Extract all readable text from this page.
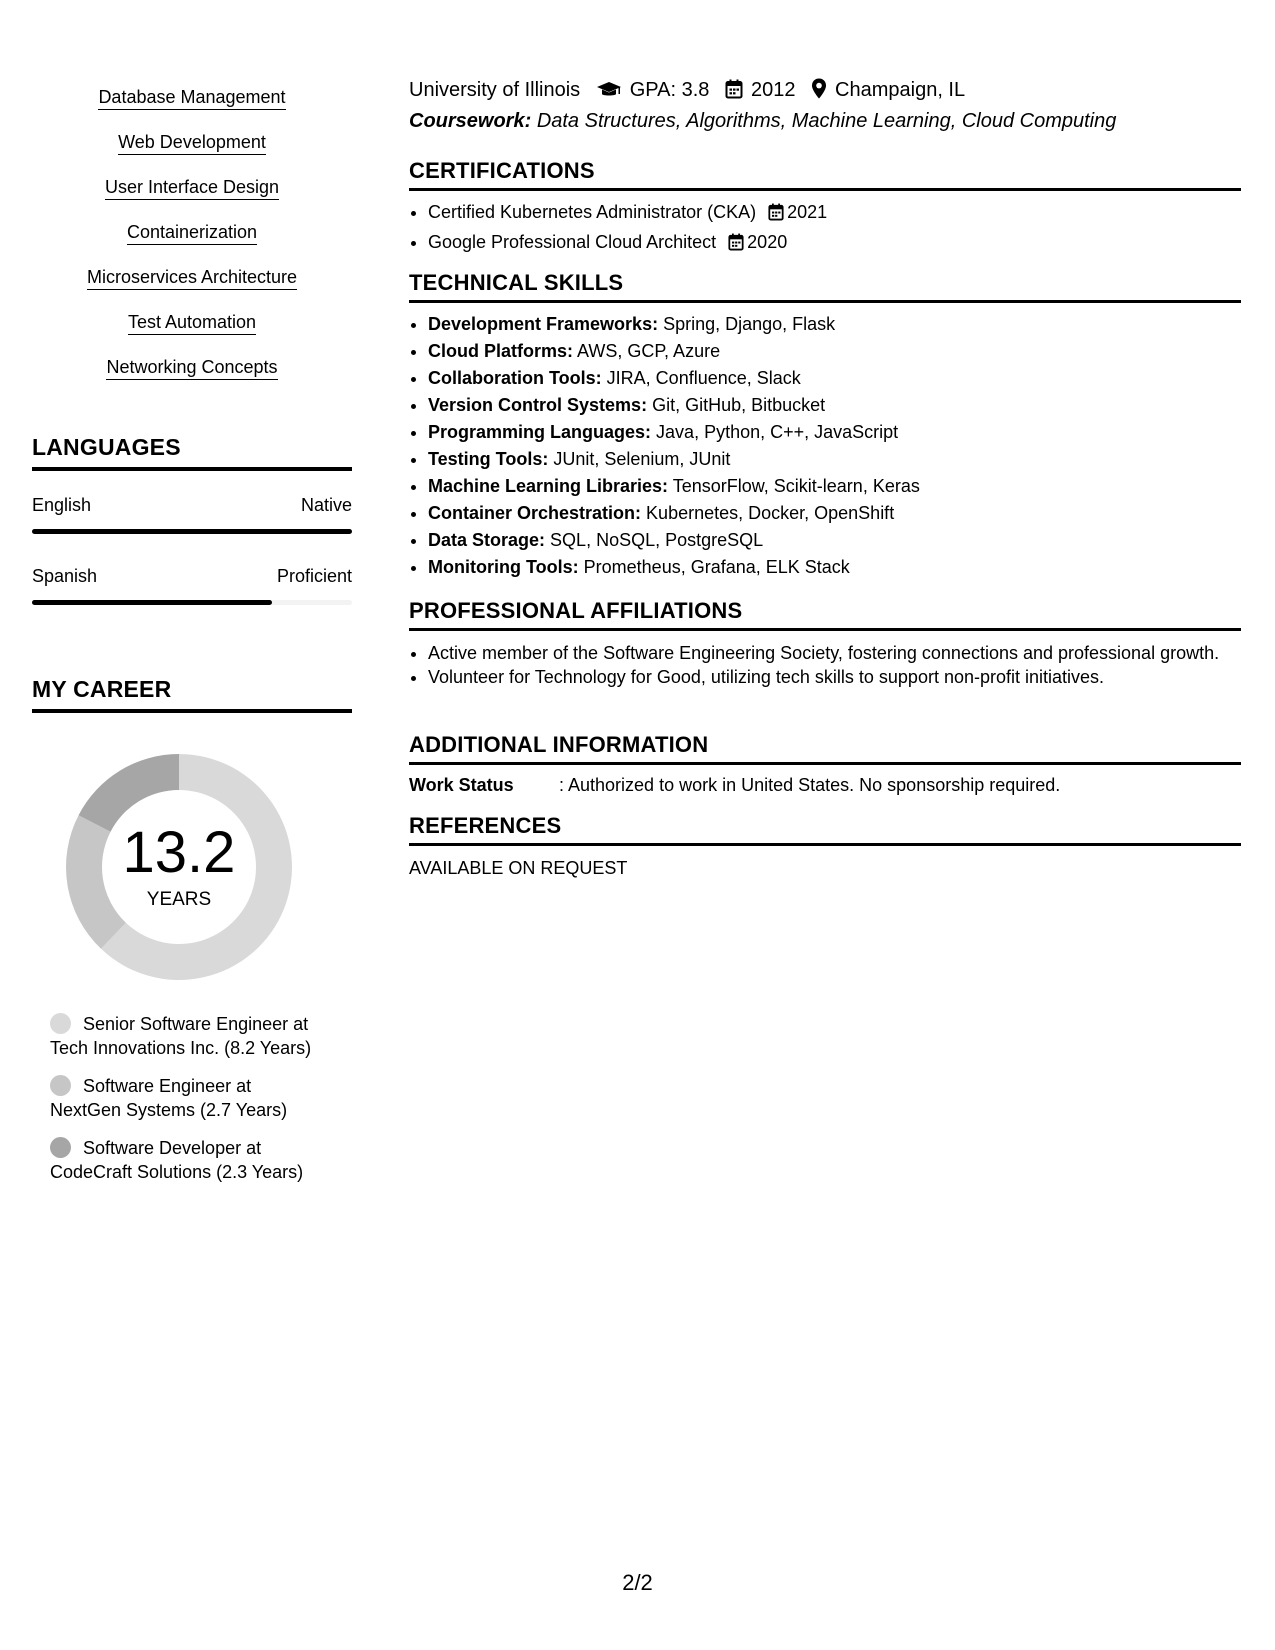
Database Management
Web Development
User Interface Design
Containerization
Microservices Architecture
Test Automation
Networking Concepts
LANGUAGES
English	Native
Spanish	Proficient
MY CAREER
13.2
YEARS
Senior Software Engineer at
Tech Innovations Inc. (8.2 Years)
Software Engineer at
NextGen Systems (2.7 Years)
Software Developer at
CodeCraft Solutions (2.3 Years)
University of Illinois GPA: 3.8 2012 Champaign, IL
Coursework: Data Structures, Algorithms, Machine Learning, Cloud Computing
CERTIFICATIONS
• Certified Kubernetes Administrator (CKA) 2021
• Google Professional Cloud Architect 2020
TECHNICAL SKILLS
• Development Frameworks: Spring, Django, Flask
• Cloud Platforms: AWS, GCP, Azure
• Collaboration Tools: JIRA, Confluence, Slack
• Version Control Systems: Git, GitHub, Bitbucket
• Programming Languages: Java, Python, C++, JavaScript
• Testing Tools: JUnit, Selenium, JUnit
• Machine Learning Libraries: TensorFlow, Scikit-learn, Keras
• Container Orchestration: Kubernetes, Docker, OpenShift
• Data Storage: SQL, NoSQL, PostgreSQL
• Monitoring Tools: Prometheus, Grafana, ELK Stack
PROFESSIONAL AFFILIATIONS
• Active member of the Software Engineering Society, fostering connections and professional growth.
• Volunteer for Technology for Good, utilizing tech skills to support non-profit initiatives.
ADDITIONAL INFORMATION
Work Status	: Authorized to work in United States. No sponsorship required.
REFERENCES
AVAILABLE ON REQUEST
2/2
